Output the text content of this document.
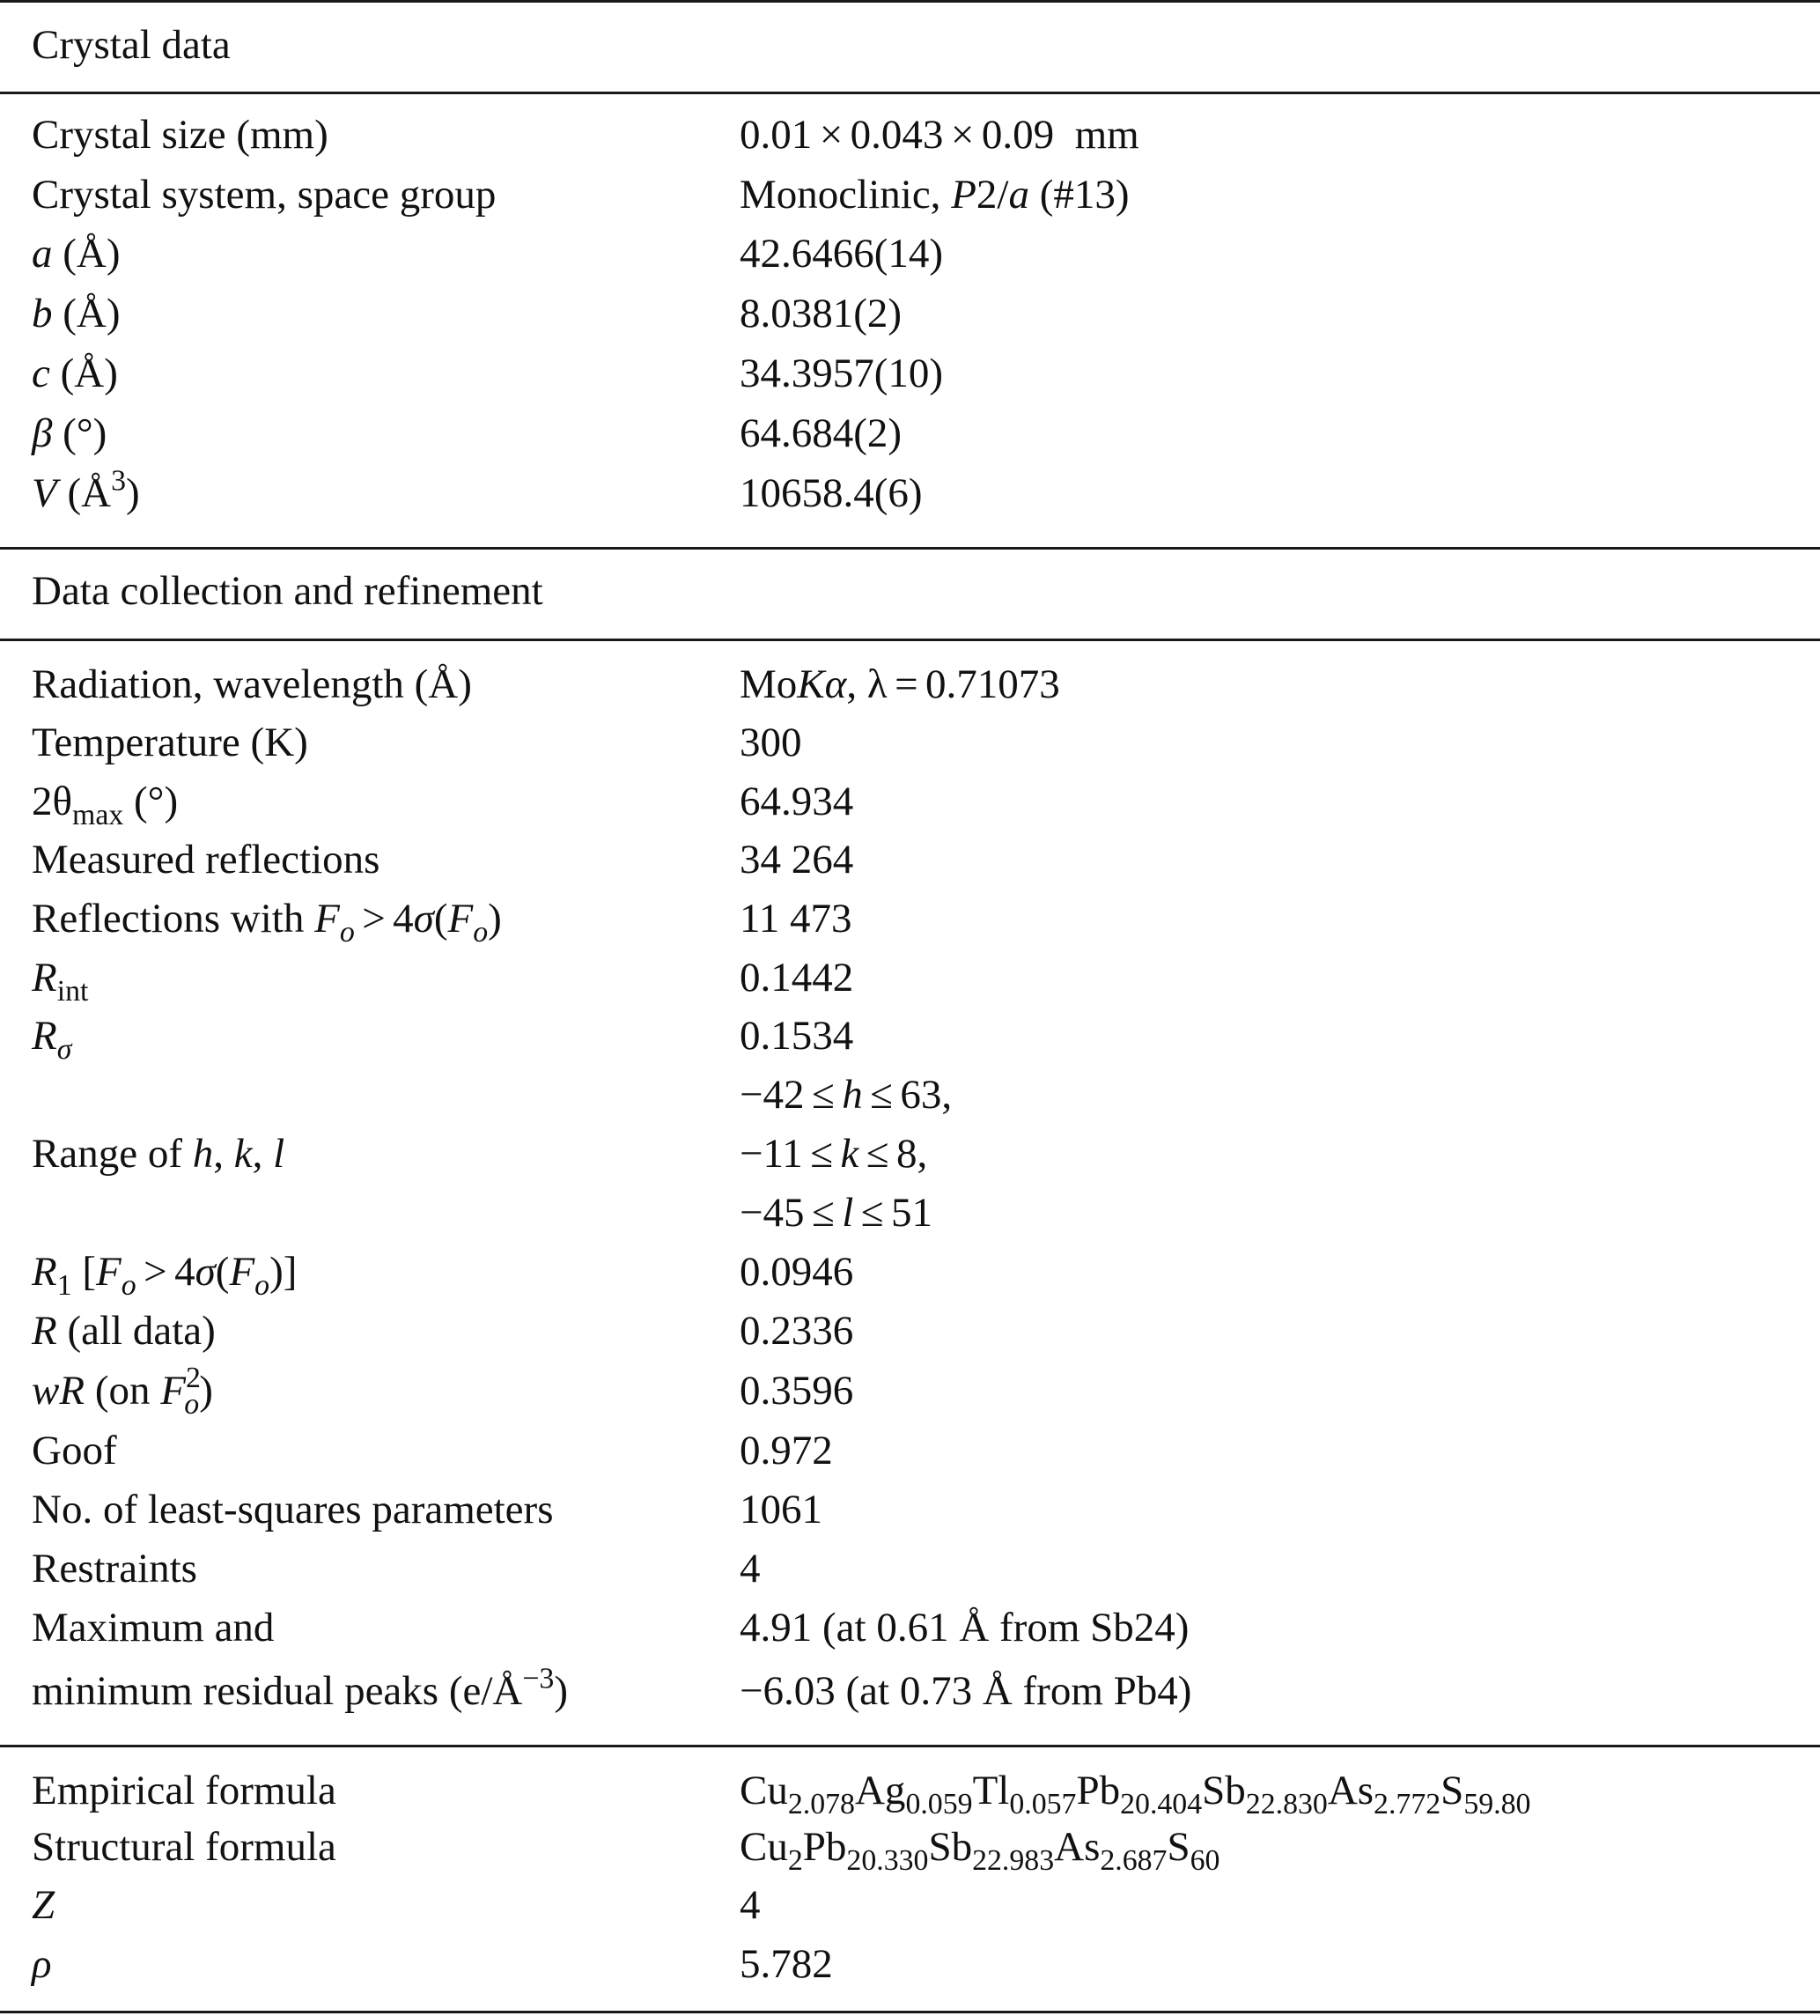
Crystal data
Crystal size (mm)	0.01 × 0.043 × 0.09 mm
Crystal system, space group	Monoclinic, P2/a (#13)
a (Å)	42.6466(14)
b (Å)	8.0381(2)
c (Å)	34.3957(10)
β (°)	64.684(2)
V $(Å^3)$	10658.4(6)
Data collection and refinement
Radiation, wavelength (Å)	MoKα, λ = 0.71073
Temperature (K)	300
$2\theta_{max}$ (°)	64.934
Measured reflections	34 264
Reflections with $F_o > 4\sigma(F_o)$	11 473
$R_{int}$	0.1442
$R_\sigma$	0.1534
−42 ≤ h ≤ 63,
Range of h, k, l	−11 ≤ k ≤ 8,
−45 ≤ l ≤ 51
$R_1$ $[F_o > 4\sigma(F_o)]$	0.0946
R (all data)	0.2336
wR (on $F^2_o$)	0.3596
Goof	0.972
No. of least-squares parameters	1061
Restraints	4
Maximum and	4.91 (at 0.61 Å from Sb24)
minimum residual peaks $(e/Å^{-3})$	−6.03 (at 0.73 Å from Pb4)
Empirical formula	$Cu_{2.078}Ag_{0.059}Tl_{0.057}Pb_{20.404}Sb_{22.830}As_{2.772}S_{59.80}$
Structural formula	$Cu_2Pb_{20.330}Sb_{22.983}As_{2.687}S_{60}$
Z	4
ρ	5.782
